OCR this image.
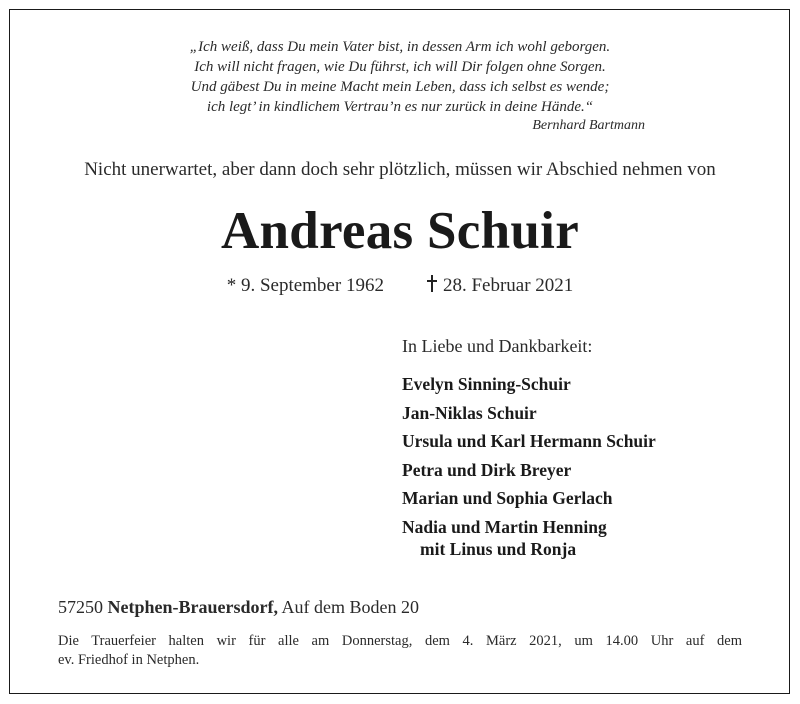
„Ich weiß, dass Du mein Vater bist, in dessen Arm ich wohl geborgen.
Ich will nicht fragen, wie Du führst, ich will Dir folgen ohne Sorgen.
Und gäbest Du in meine Macht mein Leben, dass ich selbst es wende;
ich legt’ in kindlichem Vertrau’n es nur zurück in deine Hände.“
Bernhard Bartmann
Nicht unerwartet, aber dann doch sehr plötzlich, müssen wir Abschied nehmen von
Andreas Schuir
* 9. September 1962	28. Februar 2021
In Liebe und Dankbarkeit:
Evelyn Sinning-Schuir
Jan-Niklas Schuir
Ursula und Karl Hermann Schuir
Petra und Dirk Breyer
Marian und Sophia Gerlach
Nadia und Martin Henning
mit Linus und Ronja
57250 Netphen-Brauersdorf, Auf dem Boden 20
Die Trauerfeier halten wir für alle am Donnerstag, dem 4. März 2021, um 14.00 Uhr auf dem
ev. Friedhof in Netphen.
